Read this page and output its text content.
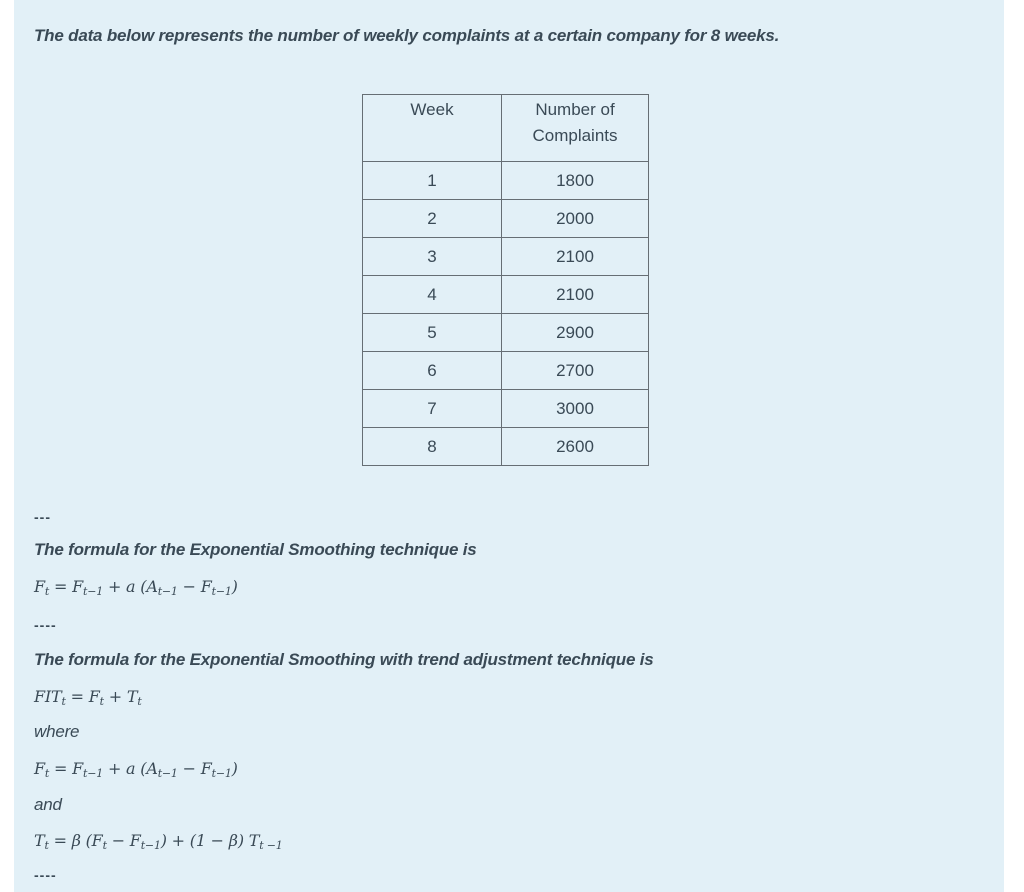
The data below represents the number of weekly complaints at a certain company for 8 weeks.

Week	Number of Complaints
1	1800
2	2000
3	2100
4	2100
5	2900
6	2700
7	3000
8	2600

---

The formula for the Exponential Smoothing technique is

$F_t = F_{t-1} + a$ $(A_{t-1} - F_{t-1})$

----

The formula for the Exponential Smoothing with trend adjustment technique is

$FIT_t = F_t + T_t$

where

$F_t = F_{t-1} + a$ $(A_{t-1} - F_{t-1})$

and

$T_t = \beta$ $(F_t - F_{t-1}) + (1 - \beta)$ $T_{t -1}$

----
